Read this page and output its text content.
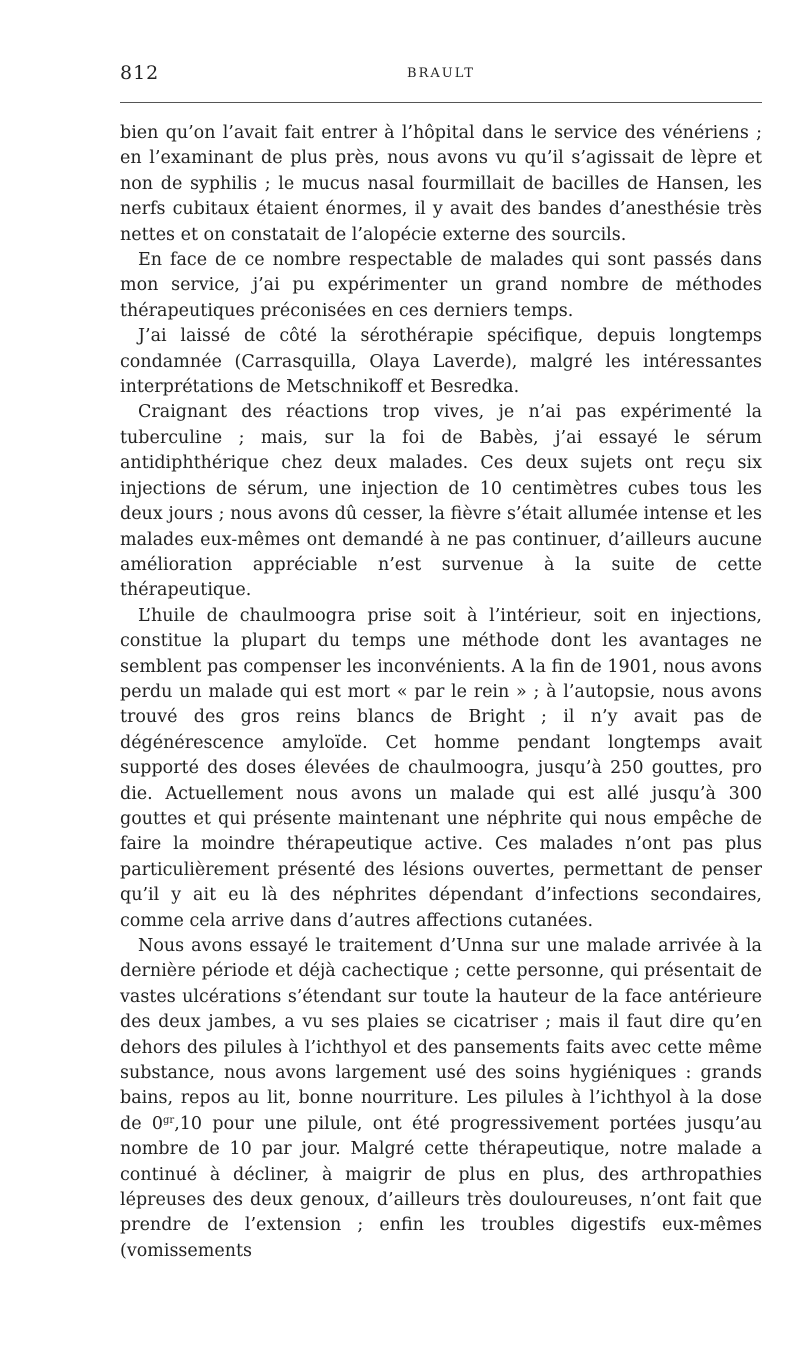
812	BRAULT

bien qu’on l’avait fait entrer à l’hôpital dans le service des vénériens ; en l’examinant de plus près, nous avons vu qu’il s’agissait de lèpre et non de syphilis ; le mucus nasal fourmillait de bacilles de Hansen, les nerfs cubitaux étaient énormes, il y avait des bandes d’anesthésie très nettes et on constatait de l’alopécie externe des sourcils.

En face de ce nombre respectable de malades qui sont passés dans mon service, j’ai pu expérimenter un grand nombre de méthodes thérapeutiques préconisées en ces derniers temps.

J’ai laissé de côté la sérothérapie spécifique, depuis longtemps condamnée (Carrasquilla, Olaya Laverde), malgré les intéressantes interprétations de Metschnikoff et Besredka.

Craignant des réactions trop vives, je n’ai pas expérimenté la tuberculine ; mais, sur la foi de Babès, j’ai essayé le sérum antidiphthérique chez deux malades. Ces deux sujets ont reçu six injections de sérum, une injection de 10 centimètres cubes tous les deux jours ; nous avons dû cesser, la fièvre s’était allumée intense et les malades eux-mêmes ont demandé à ne pas continuer, d’ailleurs aucune amélioration appréciable n’est survenue à la suite de cette thérapeutique.

L’huile de chaulmoogra prise soit à l’intérieur, soit en injections, constitue la plupart du temps une méthode dont les avantages ne semblent pas compenser les inconvénients. A la fin de 1901, nous avons perdu un malade qui est mort « par le rein » ; à l’autopsie, nous avons trouvé des gros reins blancs de Bright ; il n’y avait pas de dégénérescence amyloïde. Cet homme pendant longtemps avait supporté des doses élevées de chaulmoogra, jusqu’à 250 gouttes, pro die. Actuellement nous avons un malade qui est allé jusqu’à 300 gouttes et qui présente maintenant une néphrite qui nous empêche de faire la moindre thérapeutique active. Ces malades n’ont pas plus particulièrement présenté des lésions ouvertes, permettant de penser qu’il y ait eu là des néphrites dépendant d’infections secondaires, comme cela arrive dans d’autres affections cutanées.

Nous avons essayé le traitement d’Unna sur une malade arrivée à la dernière période et déjà cachectique ; cette personne, qui présentait de vastes ulcérations s’étendant sur toute la hauteur de la face antérieure des deux jambes, a vu ses plaies se cicatriser ; mais il faut dire qu’en dehors des pilules à l’ichthyol et des pansements faits avec cette même substance, nous avons largement usé des soins hygiéniques : grands bains, repos au lit, bonne nourriture. Les pilules à l’ichthyol à la dose de $0^{gr},10$ pour une pilule, ont été progressivement portées jusqu’au nombre de 10 par jour. Malgré cette thérapeutique, notre malade a continué à décliner, à maigrir de plus en plus, des arthropathies lépreuses des deux genoux, d’ailleurs très douloureuses, n’ont fait que prendre de l’extension ; enfin les troubles digestifs eux-mêmes (vomissements
